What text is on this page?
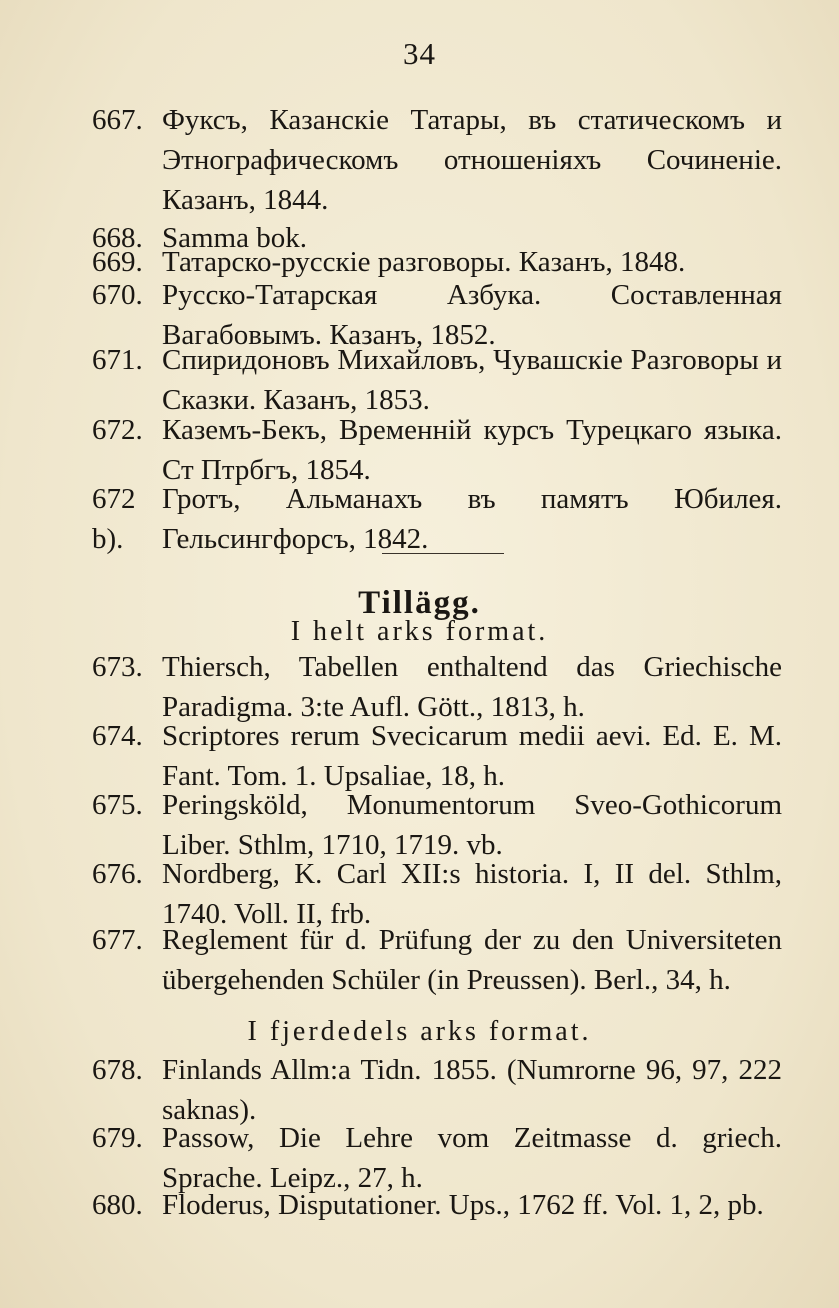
34
667. Фуксъ, Казанскіе Татары, въ статическомъ и Этнографическомъ отношеніяхъ Сочиненіе. Казанъ, 1844.
668. Samma bok.
669. Татарско-русскіе разговоры. Казанъ, 1848.
670. Русско-Татарская Азбука. Составленная Вагабовымъ. Казанъ, 1852.
671. Спиридоновъ Михайловъ, Чувашскіе Разговоры и Сказки. Казанъ, 1853.
672. Каземъ-Бекъ, Временній курсъ Турецкаго языка. Ст Птрбгъ, 1854.
672 b).
Гротъ, Альманахъ въ памятъ Юбилея. Гельсингфорсъ, 1842.
Tillägg.
I helt arks format.
673. Thiersch, Tabellen enthaltend das Griechische Paradigma. 3:te Aufl. Gött., 1813, h.
674. Scriptores rerum Svecicarum medii aevi. Ed. E. M. Fant. Tom. 1. Upsaliae, 18, h.
675. Peringsköld, Monumentorum Sveo-Gothicorum Liber. Sthlm, 1710, 1719. vb.
676. Nordberg, K. Carl XII:s historia. I, II del. Sthlm, 1740. Voll. II, frb.
677. Reglement für d. Prüfung der zu den Universiteten übergehenden Schüler (in Preussen). Berl., 34, h.
I fjerdedels arks format.
678. Finlands Allm:a Tidn. 1855. (Numrorne 96, 97, 222 saknas).
679. Passow, Die Lehre vom Zeitmasse d. griech. Sprache. Leipz., 27, h.
680. Floderus, Disputationer. Ups., 1762 ff. Vol. 1, 2, pb.
